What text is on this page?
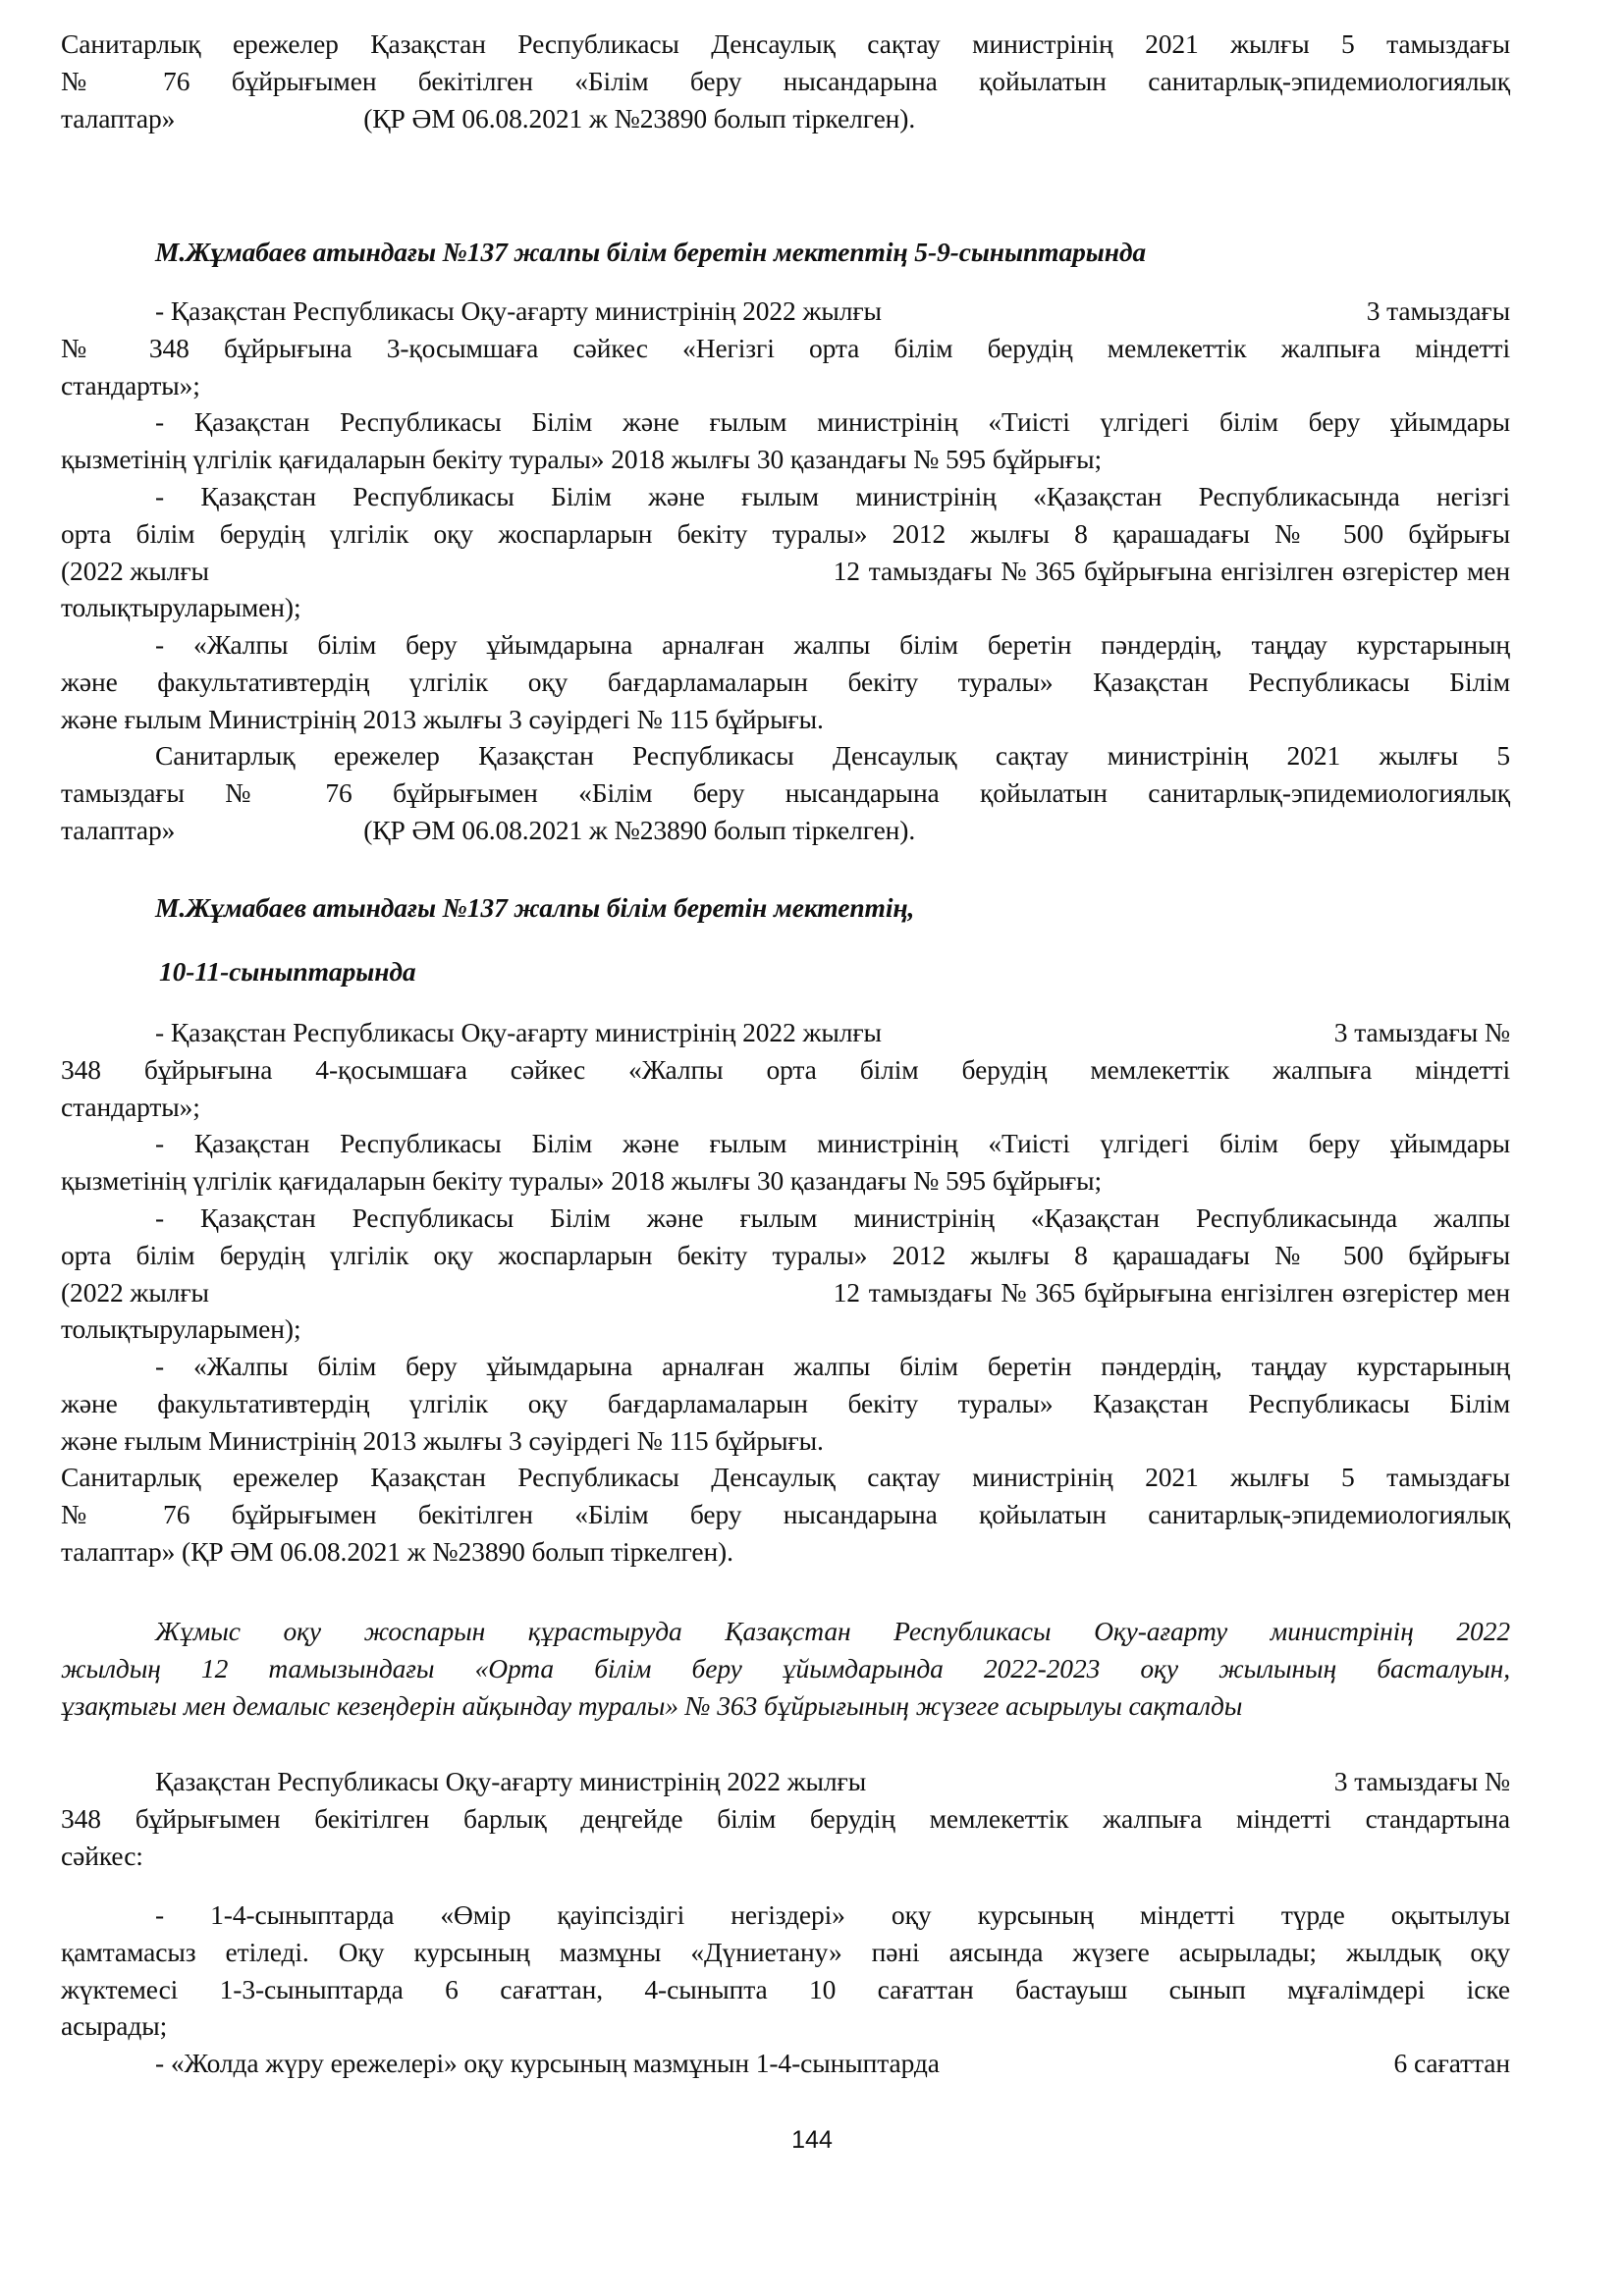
Санитарлық ережелер Қазақстан Республикасы Денсаулық сақтау министрінің 2021 жылғы 5 тамыздағы
№ 76 бұйрығымен бекітілген «Білім беру нысандарына қойылатын санитарлық-эпидемиологиялық
талаптар»	(ҚР ӘМ 06.08.2021 ж №23890 болып тіркелген).
М.Жұмабаев атындағы №137 жалпы білім беретін мектептің 5-9-сыныптарында
- Қазақстан Республикасы Оқу-ағарту министрінің 2022 жылғы	3 тамыздағы
№ 348 бұйрығына 3-қосымшаға сәйкес «Негізгі орта білім берудің мемлекеттік жалпыға міндетті
стандарты»;
- Қазақстан Республикасы Білім және ғылым министрінің «Тиісті үлгідегі білім беру ұйымдары
қызметінің үлгілік қағидаларын бекіту туралы» 2018 жылғы 30 қазандағы № 595 бұйрығы;
- Қазақстан Республикасы Білім және ғылым министрінің «Қазақстан Республикасында негізгі
орта білім берудің үлгілік оқу жоспарларын бекіту туралы» 2012 жылғы 8 қарашадағы № 500 бұйрығы
(2022 жылғы	12 тамыздағы № 365 бұйрығына енгізілген өзгерістер мен
толықтыруларымен);
- «Жалпы білім беру ұйымдарына арналған жалпы білім беретін пәндердің, таңдау курстарының
және факультативтердің үлгілік оқу бағдарламаларын бекіту туралы» Қазақстан Республикасы Білім
және ғылым Министрінің 2013 жылғы 3 сәуірдегі № 115 бұйрығы.
Санитарлық ережелер Қазақстан Республикасы Денсаулық сақтау министрінің 2021 жылғы 5
тамыздағы № 76 бұйрығымен «Білім беру нысандарына қойылатын санитарлық-эпидемиологиялық
талаптар»	(ҚР ӘМ 06.08.2021 ж №23890 болып тіркелген).
М.Жұмабаев атындағы №137 жалпы білім беретін мектептің,
10-11-сыныптарында
- Қазақстан Республикасы Оқу-ағарту министрінің 2022 жылғы	3 тамыздағы №
348 бұйрығына 4-қосымшаға сәйкес «Жалпы орта білім берудің мемлекеттік жалпыға міндетті
стандарты»;
- Қазақстан Республикасы Білім және ғылым министрінің «Тиісті үлгідегі білім беру ұйымдары
қызметінің үлгілік қағидаларын бекіту туралы» 2018 жылғы 30 қазандағы № 595 бұйрығы;
- Қазақстан Республикасы Білім және ғылым министрінің «Қазақстан Республикасында жалпы
орта білім берудің үлгілік оқу жоспарларын бекіту туралы» 2012 жылғы 8 қарашадағы № 500 бұйрығы
(2022 жылғы	12 тамыздағы № 365 бұйрығына енгізілген өзгерістер мен
толықтыруларымен);
- «Жалпы білім беру ұйымдарына арналған жалпы білім беретін пәндердің, таңдау курстарының
және факультативтердің үлгілік оқу бағдарламаларын бекіту туралы» Қазақстан Республикасы Білім
және ғылым Министрінің 2013 жылғы 3 сәуірдегі № 115 бұйрығы.
Санитарлық ережелер Қазақстан Республикасы Денсаулық сақтау министрінің 2021 жылғы 5 тамыздағы
№ 76 бұйрығымен бекітілген «Білім беру нысандарына қойылатын санитарлық-эпидемиологиялық
талаптар» (ҚР ӘМ 06.08.2021 ж №23890 болып тіркелген).
Жұмыс оқу жоспарын құрастыруда Қазақстан Республикасы Оқу-ағарту министрінің 2022
жылдың 12 тамызындағы «Орта білім беру ұйымдарында 2022-2023 оқу жылының басталуын,
ұзақтығы мен демалыс кезеңдерін айқындау туралы» № 363 бұйрығының жүзеге асырылуы сақталды
Қазақстан Республикасы Оқу-ағарту министрінің 2022 жылғы	3 тамыздағы №
348 бұйрығымен бекітілген барлық деңгейде білім берудің мемлекеттік жалпыға міндетті стандартына
сәйкес:
- 1-4-сыныптарда «Өмір қауіпсіздігі негіздері» оқу курсының міндетті түрде оқытылуы
қамтамасыз етіледі. Оқу курсының мазмұны «Дүниетану» пәні аясында жүзеге асырылады; жылдық оқу
жүктемесі 1-3-сыныптарда 6 сағаттан, 4-сыныпта 10 сағаттан бастауыш сынып мұғалімдері іске
асырады;
- «Жолда жүру ережелері» оқу курсының мазмұнын 1-4-сыныптарда	6 сағаттан
144
